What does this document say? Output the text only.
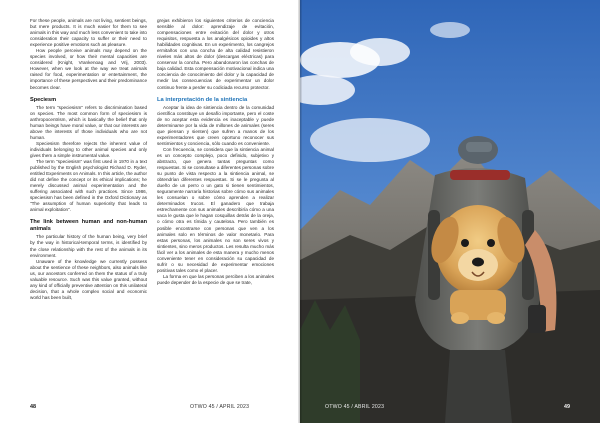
For these people, animals are not living, sentient beings, but mere products. It is much easier for them to see animals in this way and much less convenient to take into consideration their capacity to suffer or their need to experience positive emotions such as pleasure.

How people perceive animals may depend on the species involved, or how their mental capacities are considered (Knight, Vrankenoag and Vrij, 2003). However, when we look at the way we treat animals raised for food, experimentation or entertainment, the importance of these perspectives and their predominance becomes clear.

Speciesm

The term "speciesism" refers to discrimination based on species. The most common form of speciesism is anthropocentrism, which is basically the belief that only human beings have moral value, or that our interests are above the interests of those individuals who are not human.

Speciesism therefore rejects the inherent value of individuals belonging to other animal species and only gives them a simple instrumental value.

The term "speciesism" was first used in 1970 in a text published by the English psychologist Richard D. Ryder, entitled Experiments on Animals. In this article, the author did not define the concept or its ethical implications; he merely discussed animal experimentation and the suffering associated with such practices. Since 1986, speciesism has been defined in the Oxford Dictionary as "The assumption of human superiority that leads to animal exploitation".

The link between human and non-human animals

The particular history of the human being, very brief by the way in historical-temporal terms, is identified by the close relationship with the rest of the animals in its environment.

Unaware of the knowledge we currently possess about the sentience of these neighbors, also animals like us, our ancestors conferred on them the status of a truly valuable resource. Such was this value granted, without any kind of officially preventive attention on this unilateral decision, that a whole complex social and economic world has been built,

grejas exhibieron los siguientes criterios de conciencia sensible al dolor: aprendizaje de evitación, compensaciones entre evitación del dolor y otros requisitos, respuesta a los analgésicos opioides y altos habilidades cognitivas. En un experimento, los cangrejos ermitaños con una concha de alta calidad resistieron niveles más altos de dolor (descargas eléctricas) para conservar la concha. Pero abandonaron las conchas de baja calidad. Esta compensación motivacional indica una conciencia de conocimiento del dolor y la capacidad de medir las consecuencias de experimentar un dolor continuo frente a perder su codiciada recurso protector.

La interpretación de la sintiencia

Aceptar la idea de sintiencia dentro de la comunidad científica constituye un desafío importante, pero el coste de no aceptar esta evidencia es inaceptable y puede determinarse por la vida de millones de animales (seres que piensan y sienten) que sufren a manos de los experimentadores que creen oportuno reconocer sus sentimientos y conciencia, sólo cuando es conveniente.

Con frecuencia, se considera que la sintiencia animal es un concepto complejo, poco definido, subjetivo y abstracto, que genera tantas preguntas como respuestas. Si se consultase a diferentes personas sobre su punto de vista respecto a la sintiencia animal, se obtendrían diferentes respuestas. Si se le pregunta al dueño de un perro o un gato si tienen sentimientos, seguramente narraría historias sobre cómo sus animales les consuelan o sobre cómo aprenden a realizar determinados trucos. El ganadero que trabaja estrechamente con sus animales describiría cómo a una vaca le gusta que le hagan cosquillas detrás de la oreja, o cómo otra es tímida y cautelosa. Pero también es posible encontrarse con personas que ven a los animales solo en términos de valor monetario. Para estas personas, los animales no son seres vivos y sintientes, sino meros productos. Les resulta mucho más fácil ver a los animales de esta manera y mucho menos conveniente tener en consideración su capacidad de sufrir o su necesidad de experimentar emociones positivas tales como el placer.

La forma en que las personas perciben a los animales puede depender de la especie de que se trate,

48	OTWO 45 / APRIL 2023	OTWO 45 / ABRIL 2023	49
